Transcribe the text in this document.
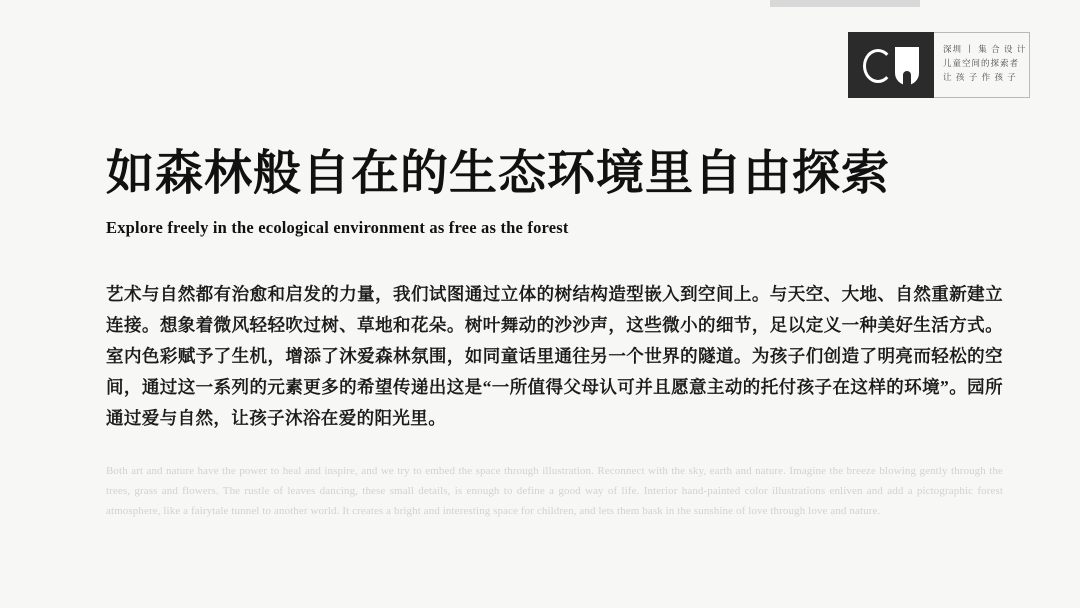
深圳 丨 集 合 设 计
儿童空间的探索者
让 孩 子 作 孩 子
如森林般自在的生态环境里自由探索

Explore freely in the ecological environment as free as the forest

艺术与自然都有治愈和启发的力量，我们试图通过立体的树结构造型嵌入到空间上。与天空、大地、自然重新建立连接。想象着微风轻轻吹过树、草地和花朵。树叶舞动的沙沙声，这些微小的细节，足以定义一种美好生活方式。室内色彩赋予了生机，增添了沐爱森林氛围，如同童话里通往另一个世界的隧道。为孩子们创造了明亮而轻松的空间，通过这一系列的元素更多的希望传递出这是“一所值得父母认可并且愿意主动的托付孩子在这样的环境”。园所通过爱与自然，让孩子沐浴在爱的阳光里。

Both art and nature have the power to heal and inspire, and we try to embed the space through illustration. Reconnect with the sky, earth and nature. Imagine the breeze blowing gently through the trees, grass and flowers. The rustle of leaves dancing, these small details, is enough to define a good way of life. Interior hand-painted color illustrations enliven and add a pictographic forest atmosphere, like a fairytale tunnel to another world. It creates a bright and interesting space for children, and lets them bask in the sunshine of love through love and nature.
